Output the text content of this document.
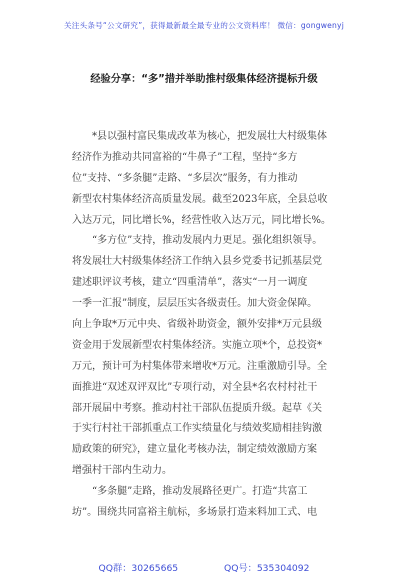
关注头条号“公文研究”，获得最新最全最专业的公文资料库！ 微信：gongwenyj
经验分享：“多”措并举助推村级集体经济提标升级
*县以强村富民集成改革为核心，把发展壮大村级集体
经济作为推动共同富裕的“牛鼻子”工程，坚持“多方
位”支持、“多条腿”走路、“多层次”服务，有力推动
新型农村集体经济高质量发展。截至2023年底，全县总收
入达万元，同比增长%，经营性收入达万元，同比增长%。
“多方位”支持，推动发展内力更足。强化组织领导。
将发展壮大村级集体经济工作纳入县乡党委书记抓基层党
建述职评议考核，建立“四重清单”，落实“一月一调度
一季一汇报”制度，层层压实各级责任。加大资金保障。
向上争取*万元中央、省级补助资金，额外安排*万元县级
资金用于发展新型农村集体经济。实施立项*个，总投资*
万元，预计可为村集体带来增收*万元。注重激励引导。全
面推进“双述双评双比”专项行动，对全县*名农村村社干
部开展届中考察。推动村社干部队伍提质升级。起草《关
于实行村社干部抓重点工作实绩量化与绩效奖励相挂钩激
励政策的研究》，建立量化考核办法，制定绩效激励方案
增强村干部内生动力。
“多条腿”走路，推动发展路径更广。打造“共富工
坊”。围绕共同富裕主航标，多场景打造来料加工式、电
QQ群：30265665	QQ号：535304092
